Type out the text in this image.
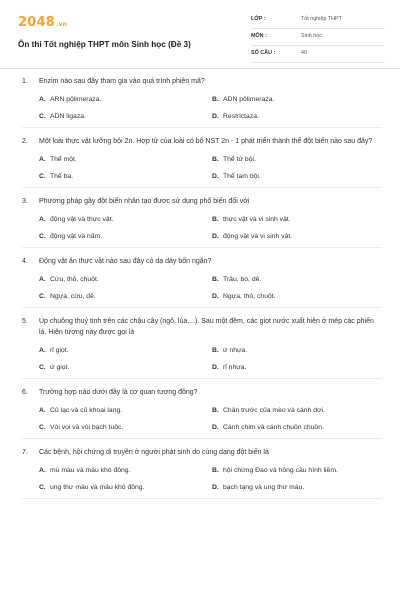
2048.vn
Ôn thi Tốt nghiệp THPT môn Sinh học (Đề 3)
LỚP :	Tốt nghiệp THPT
MÔN :	Sinh học
SỐ CÂU :	40
1. Enzim nào sau đây tham gia vào quá trình phiên mã?
A. ARN pôlimeraza.	B. ADN pôlimeraza.
C. ADN ligaza.	D. Restrictaza.
2. Một loài thực vật lưỡng bội 2n. Hợp tử của loài có bộ NST 2n - 1 phát triển thành thể đột biến nào sau đây?
A. Thể một.	B. Thể tứ bội.
C. Thể ba.	D. Thể tam bội.
3. Phương pháp gây đột biến nhân tạo được sử dụng phổ biến đối với
A. động vật và thực vật.	B. thực vật và vi sinh vật.
C. động vật và nấm.	D. động vật và vi sinh vật.
4. Động vật ăn thực vật nào sau đây có dạ dày bốn ngăn?
A. Cừu, thỏ, chuột.	B. Trâu, bò, dê.
C. Ngựa, cừu, dê.	D. Ngựa, thỏ, chuột.
5. Úp chuông thuỷ tinh trên các chậu cây (ngô, lúa,...). Sau một đêm, các giọt nước xuất hiện ở mép các phiến lá. Hiện tượng này được gọi là
A. rỉ giọt.	B. ứ nhựa.
C. ứ giọt.	D. rỉ nhựa.
6. Trường hợp nào dưới đây là cơ quan tương đồng?
A. Củ lạc và củ khoai lang.	B. Chân trước của mèo và cánh dơi.
C. Vòi voi và vòi bạch tuộc.	D. Cánh chim và cánh chuồn chuồn.
7. Các bệnh, hội chứng di truyền ở người phát sinh do cùng dạng đột biến là
A. mù màu và máu khó đông.	B. hội chứng Đao và hồng cầu hình liềm.
C. ung thư máu và máu khó đông.	D. bạch tạng và ung thư máu.
